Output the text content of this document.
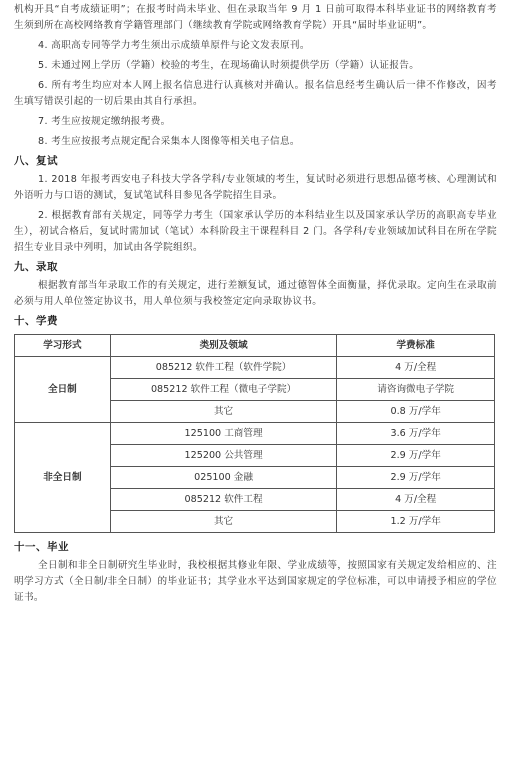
机构开具“自考成绩证明”；在报考时尚未毕业、但在录取当年 9 月 1 日前可取得本科毕业证书的网络教育考生须到所在高校网络教育学籍管理部门（继续教育学院或网络教育学院）开具“届时毕业证明”。

4. 高职高专同等学力考生须出示成绩单原件与论文发表原刊。

5. 未通过网上学历（学籍）校验的考生，在现场确认时须提供学历（学籍）认证报告。

6. 所有考生均应对本人网上报名信息进行认真核对并确认。报名信息经考生确认后一律不作修改，因考生填写错误引起的一切后果由其自行承担。

7. 考生应按规定缴纳报考费。

8. 考生应按报考点规定配合采集本人图像等相关电子信息。

八、复试

1. 2018 年报考西安电子科技大学各学科/专业领域的考生，复试时必须进行思想品德考核、心理测试和外语听力与口语的测试，复试笔试科目参见各学院招生目录。

2. 根据教育部有关规定，同等学力考生（国家承认学历的本科结业生以及国家承认学历的高职高专毕业生），初试合格后，复试时需加试（笔试）本科阶段主干课程科目 2 门。各学科/专业领域加试科目在所在学院招生专业目录中列明，加试由各学院组织。

九、录取

根据教育部当年录取工作的有关规定，进行差额复试，通过德智体全面衡量，择优录取。定向生在录取前必须与用人单位签定协议书，用人单位须与我校签定定向录取协议书。

十、学费

学习形式	类别及领域	学费标准
全日制	085212 软件工程（软件学院）	4 万/全程
	085212 软件工程（微电子学院）	请咨询微电子学院
	其它	0.8 万/学年
非全日制	125100 工商管理	3.6 万/学年
	125200 公共管理	2.9 万/学年
	025100 金融	2.9 万/学年
	085212 软件工程	4 万/全程
	其它	1.2 万/学年

十一、毕业

全日制和非全日制研究生毕业时，我校根据其修业年限、学业成绩等，按照国家有关规定发给相应的、注明学习方式（全日制/非全日制）的毕业证书；其学业水平达到国家规定的学位标准，可以申请授予相应的学位证书。
